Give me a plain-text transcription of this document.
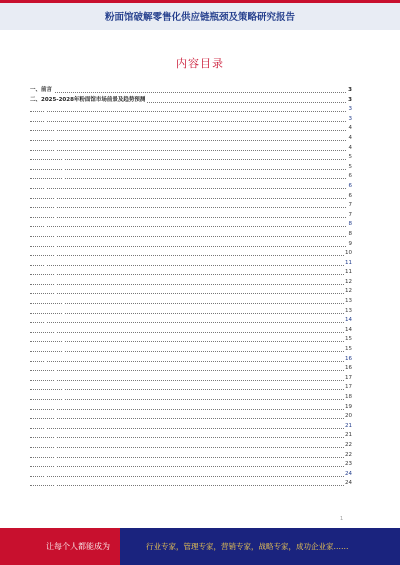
粉面馆破解零售化供应链瓶颈及策略研究报告
内容目录
一、前言	3
二、2025-2028年粉面馆市场前景及趋势预测	3
3
3
4
4
4
5
5
6
6
6
7
7
8
8
9
10
11
11
12
12
13
13
14
14
15
15
16
16
17
17
18
19
20
21
21
22
22
23
24
24
1
让每个人都能成为	行业专家，管理专家，营销专家，战略专家，成功企业家……
